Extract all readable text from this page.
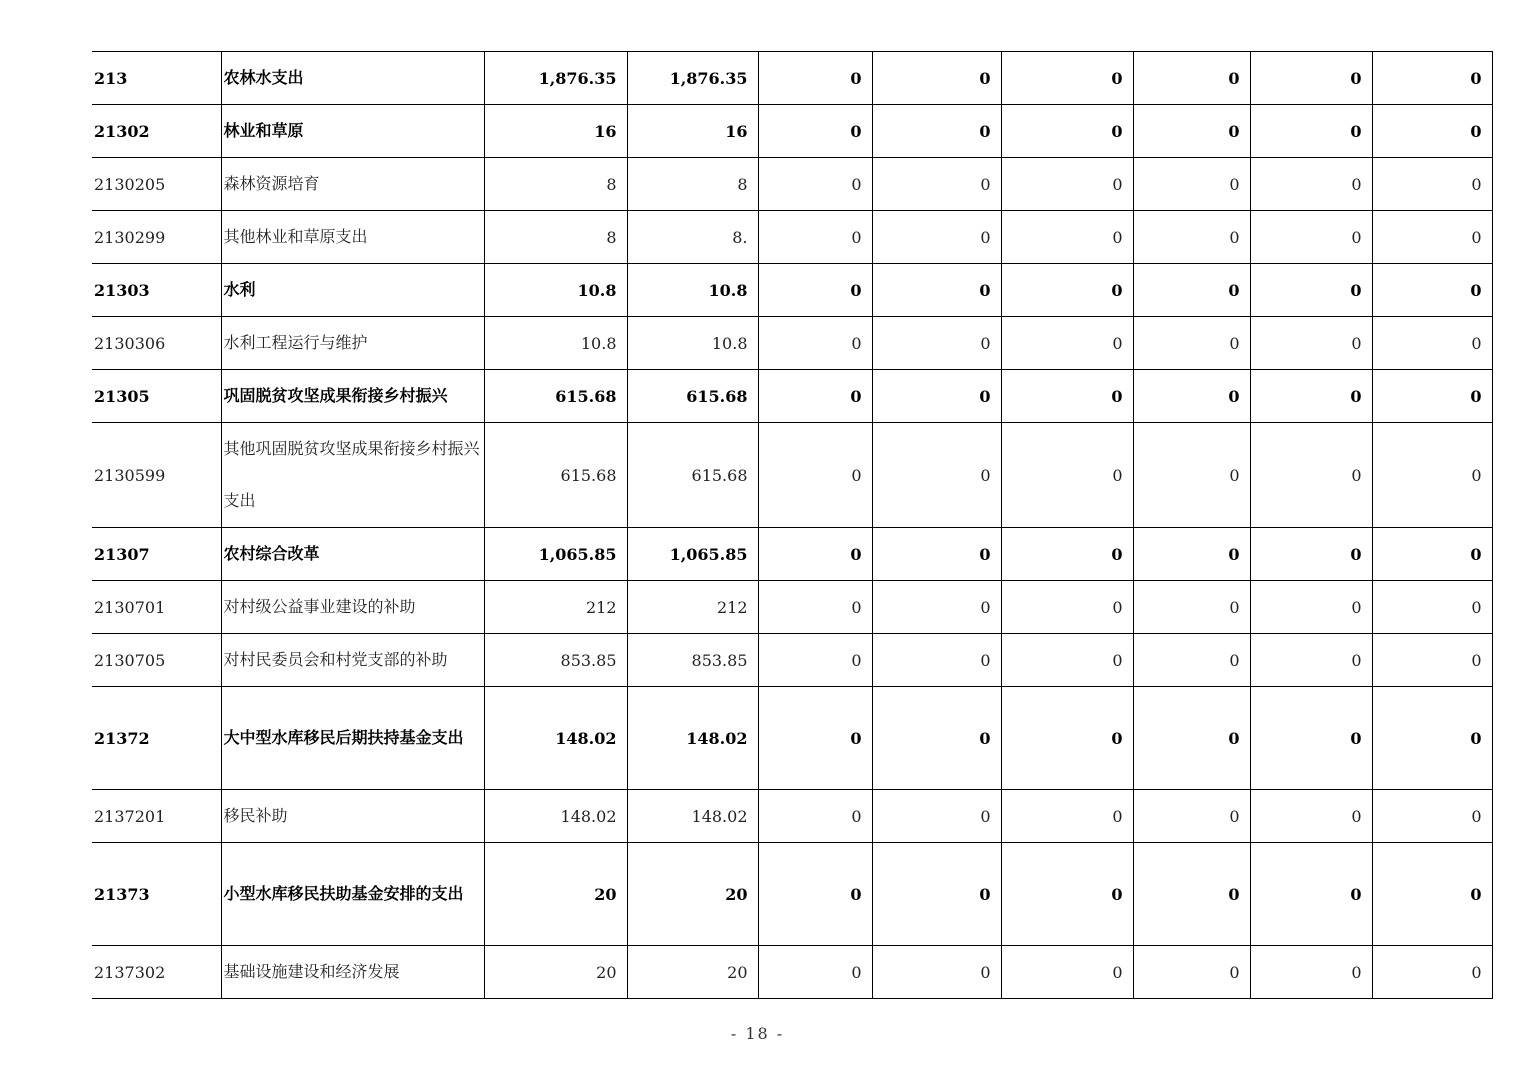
213	农林水支出	1,876.35	1,876.35	0	0	0	0	0	0
21302	林业和草原	16	16	0	0	0	0	0	0
2130205	森林资源培育	8	8	0	0	0	0	0	0
2130299	其他林业和草原支出	8	8.	0	0	0	0	0	0
21303	水利	10.8	10.8	0	0	0	0	0	0
2130306	水利工程运行与维护	10.8	10.8	0	0	0	0	0	0
21305	巩固脱贫攻坚成果衔接乡村振兴	615.68	615.68	0	0	0	0	0	0
2130599	其他巩固脱贫攻坚成果衔接乡村振兴支出	615.68	615.68	0	0	0	0	0	0
21307	农村综合改革	1,065.85	1,065.85	0	0	0	0	0	0
2130701	对村级公益事业建设的补助	212	212	0	0	0	0	0	0
2130705	对村民委员会和村党支部的补助	853.85	853.85	0	0	0	0	0	0
21372	大中型水库移民后期扶持基金支出	148.02	148.02	0	0	0	0	0	0
2137201	移民补助	148.02	148.02	0	0	0	0	0	0
21373	小型水库移民扶助基金安排的支出	20	20	0	0	0	0	0	0
2137302	基础设施建设和经济发展	20	20	0	0	0	0	0	0
- 18 -
